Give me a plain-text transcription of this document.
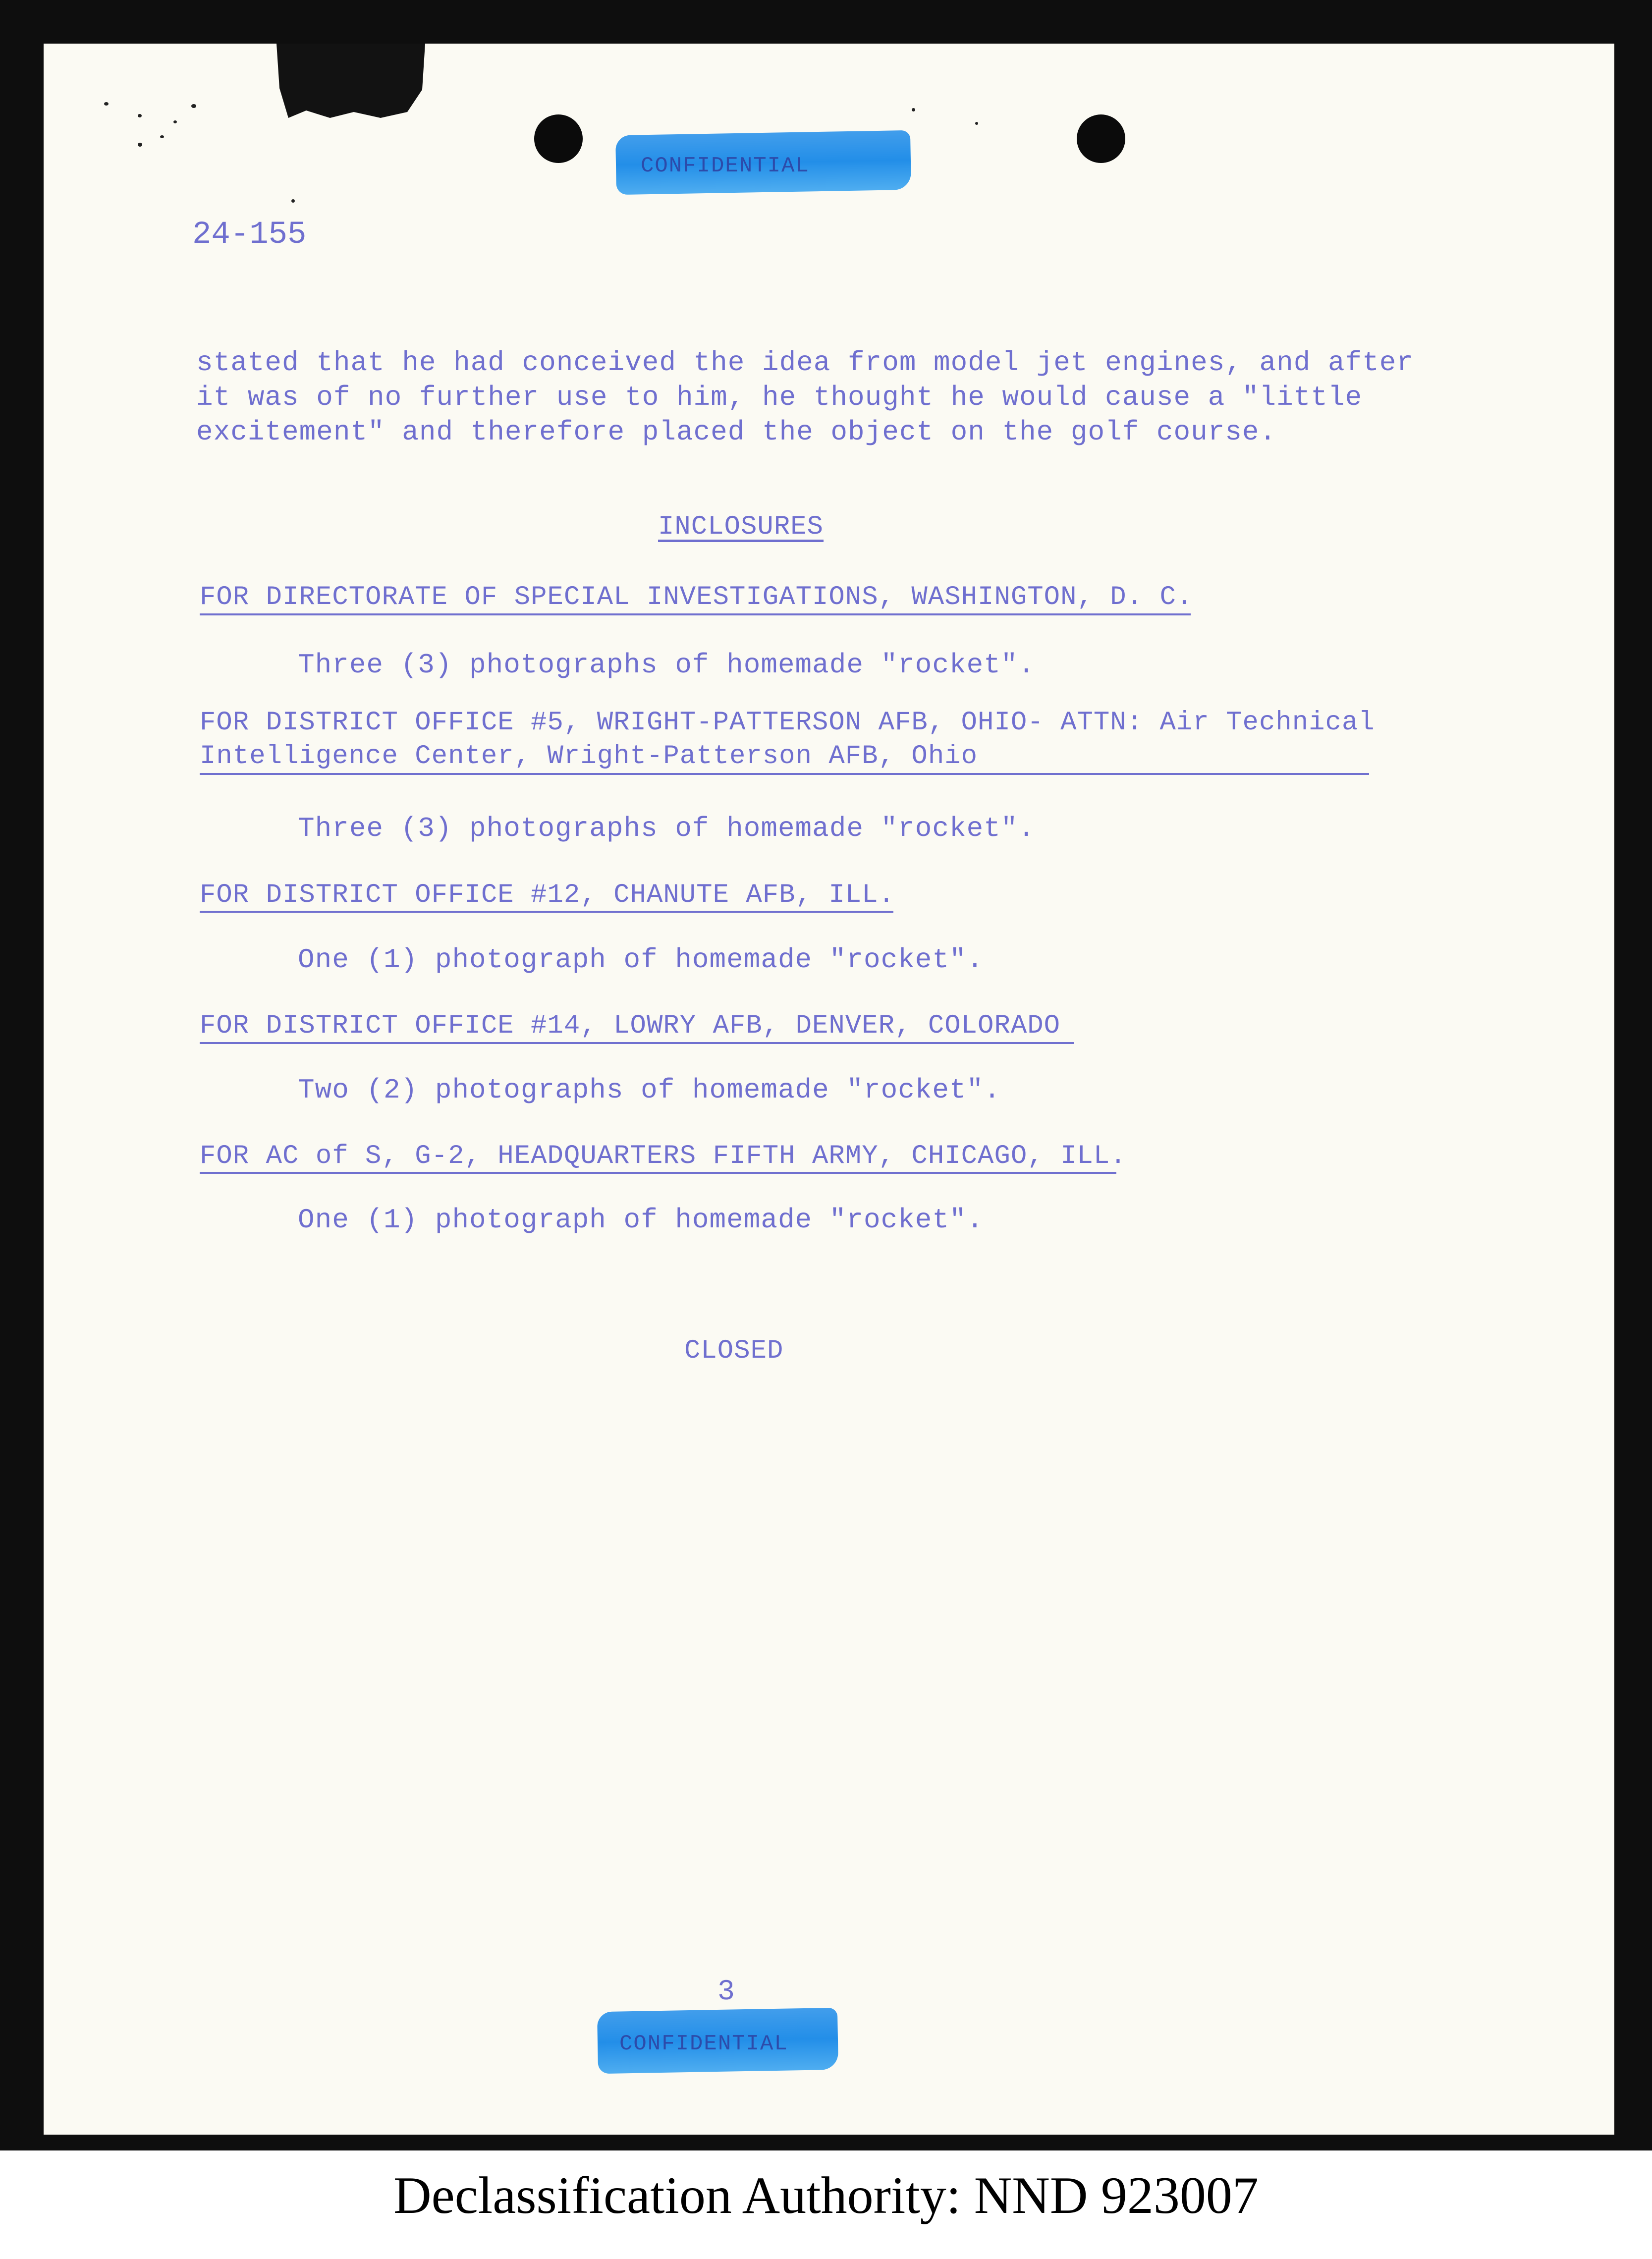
CONFIDENTIAL
24-155
stated that he had conceived the idea from model jet engines, and after
it was of no further use to him, he thought he would cause a "little
excitement" and therefore placed the object on the golf course.
INCLOSURES
FOR DIRECTORATE OF SPECIAL INVESTIGATIONS, WASHINGTON, D. C.
Three (3) photographs of homemade "rocket".
FOR DISTRICT OFFICE #5, WRIGHT-PATTERSON AFB, OHIO- ATTN: Air Technical
Intelligence Center, Wright-Patterson AFB, Ohio
Three (3) photographs of homemade "rocket".
FOR DISTRICT OFFICE #12, CHANUTE AFB, ILL.
One (1) photograph of homemade "rocket".
FOR DISTRICT OFFICE #14, LOWRY AFB, DENVER, COLORADO
Two (2) photographs of homemade "rocket".
FOR AC of S, G-2, HEADQUARTERS FIFTH ARMY, CHICAGO, ILL.
One (1) photograph of homemade "rocket".
CLOSED
3
CONFIDENTIAL
Declassification Authority: NND 923007
